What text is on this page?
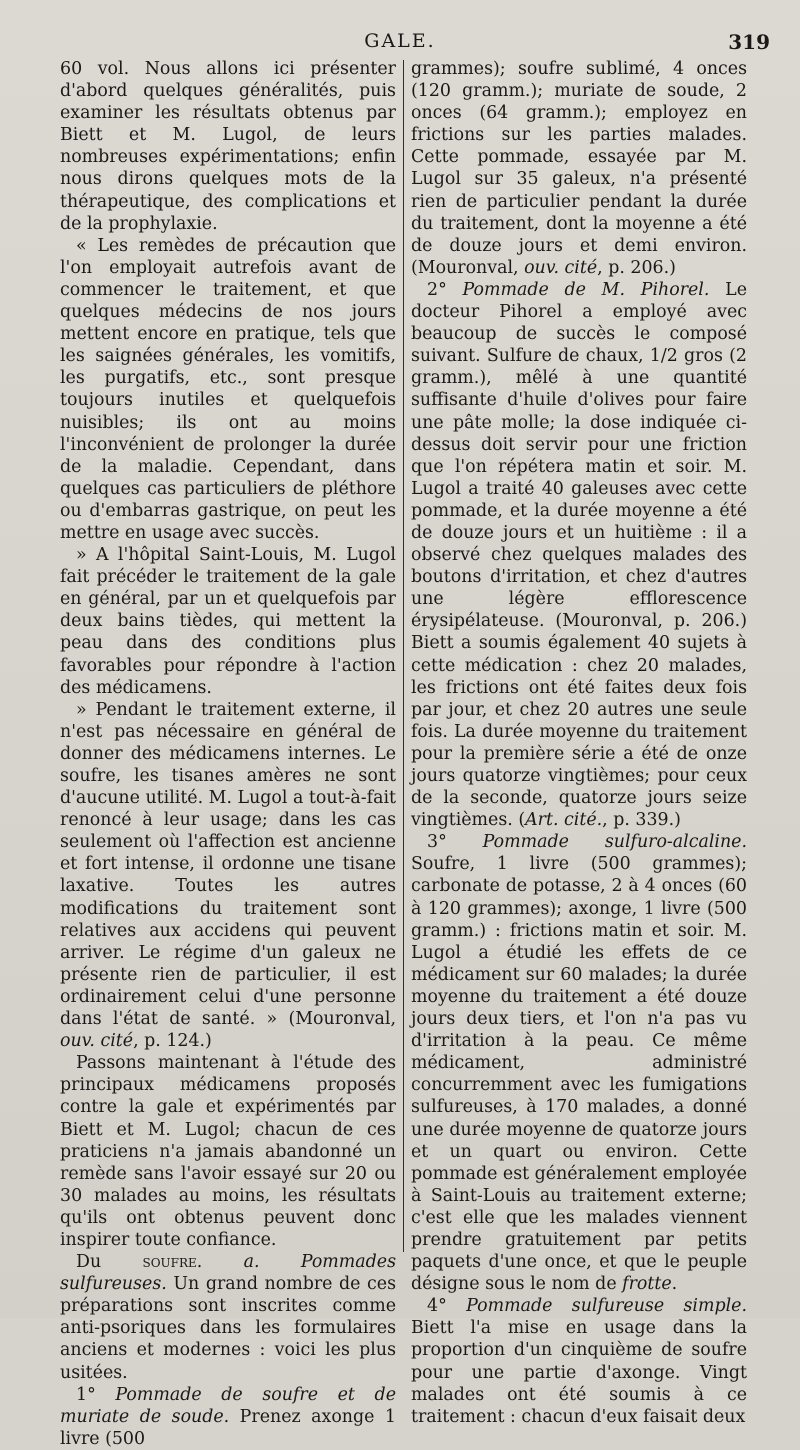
GALE.	319

60 vol. Nous allons ici présenter d'abord quelques généralités, puis examiner les résultats obtenus par Biett et M. Lugol, de leurs nombreuses expérimentations; enfin nous dirons quelques mots de la thérapeutique, des complications et de la prophylaxie.

« Les remèdes de précaution que l'on employait autrefois avant de commencer le traitement, et que quelques médecins de nos jours mettent encore en pratique, tels que les saignées générales, les vomitifs, les purgatifs, etc., sont presque toujours inutiles et quelquefois nuisibles; ils ont au moins l'inconvénient de prolonger la durée de la maladie. Cependant, dans quelques cas particuliers de pléthore ou d'embarras gastrique, on peut les mettre en usage avec succès.

» A l'hôpital Saint-Louis, M. Lugol fait précéder le traitement de la gale en général, par un et quelquefois par deux bains tièdes, qui mettent la peau dans des conditions plus favorables pour répondre à l'action des médicamens.

» Pendant le traitement externe, il n'est pas nécessaire en général de donner des médicamens internes. Le soufre, les tisanes amères ne sont d'aucune utilité. M. Lugol a tout-à-fait renoncé à leur usage; dans les cas seulement où l'affection est ancienne et fort intense, il ordonne une tisane laxative. Toutes les autres modifications du traitement sont relatives aux accidens qui peuvent arriver. Le régime d'un galeux ne présente rien de particulier, il est ordinairement celui d'une personne dans l'état de santé. » (Mouronval, ouv. cité, p. 124.)

Passons maintenant à l'étude des principaux médicamens proposés contre la gale et expérimentés par Biett et M. Lugol; chacun de ces praticiens n'a jamais abandonné un remède sans l'avoir essayé sur 20 ou 30 malades au moins, les résultats qu'ils ont obtenus peuvent donc inspirer toute confiance.

Du soufre. a. Pommades sulfureuses. Un grand nombre de ces préparations sont inscrites comme anti-psoriques dans les formulaires anciens et modernes : voici les plus usitées.

1° Pommade de soufre et de muriate de soude. Prenez axonge 1 livre (500

grammes); soufre sublimé, 4 onces (120 gramm.); muriate de soude, 2 onces (64 gramm.); employez en frictions sur les parties malades. Cette pommade, essayée par M. Lugol sur 35 galeux, n'a présenté rien de particulier pendant la durée du traitement, dont la moyenne a été de douze jours et demi environ. (Mouronval, ouv. cité, p. 206.)

2° Pommade de M. Pihorel. Le docteur Pihorel a employé avec beaucoup de succès le composé suivant. Sulfure de chaux, 1/2 gros (2 gramm.), mêlé à une quantité suffisante d'huile d'olives pour faire une pâte molle; la dose indiquée ci-dessus doit servir pour une friction que l'on répétera matin et soir. M. Lugol a traité 40 galeuses avec cette pommade, et la durée moyenne a été de douze jours et un huitième : il a observé chez quelques malades des boutons d'irritation, et chez d'autres une légère efflorescence érysipélateuse. (Mouronval, p. 206.) Biett a soumis également 40 sujets à cette médication : chez 20 malades, les frictions ont été faites deux fois par jour, et chez 20 autres une seule fois. La durée moyenne du traitement pour la première série a été de onze jours quatorze vingtièmes; pour ceux de la seconde, quatorze jours seize vingtièmes. (Art. cité., p. 339.)

3° Pommade sulfuro-alcaline. Soufre, 1 livre (500 grammes); carbonate de potasse, 2 à 4 onces (60 à 120 grammes); axonge, 1 livre (500 gramm.) : frictions matin et soir. M. Lugol a étudié les effets de ce médicament sur 60 malades; la durée moyenne du traitement a été douze jours deux tiers, et l'on n'a pas vu d'irritation à la peau. Ce même médicament, administré concurremment avec les fumigations sulfureuses, à 170 malades, a donné une durée moyenne de quatorze jours et un quart ou environ. Cette pommade est généralement employée à Saint-Louis au traitement externe; c'est elle que les malades viennent prendre gratuitement par petits paquets d'une once, et que le peuple désigne sous le nom de frotte.

4° Pommade sulfureuse simple. Biett l'a mise en usage dans la proportion d'un cinquième de soufre pour une partie d'axonge. Vingt malades ont été soumis à ce traitement : chacun d'eux faisait deux
